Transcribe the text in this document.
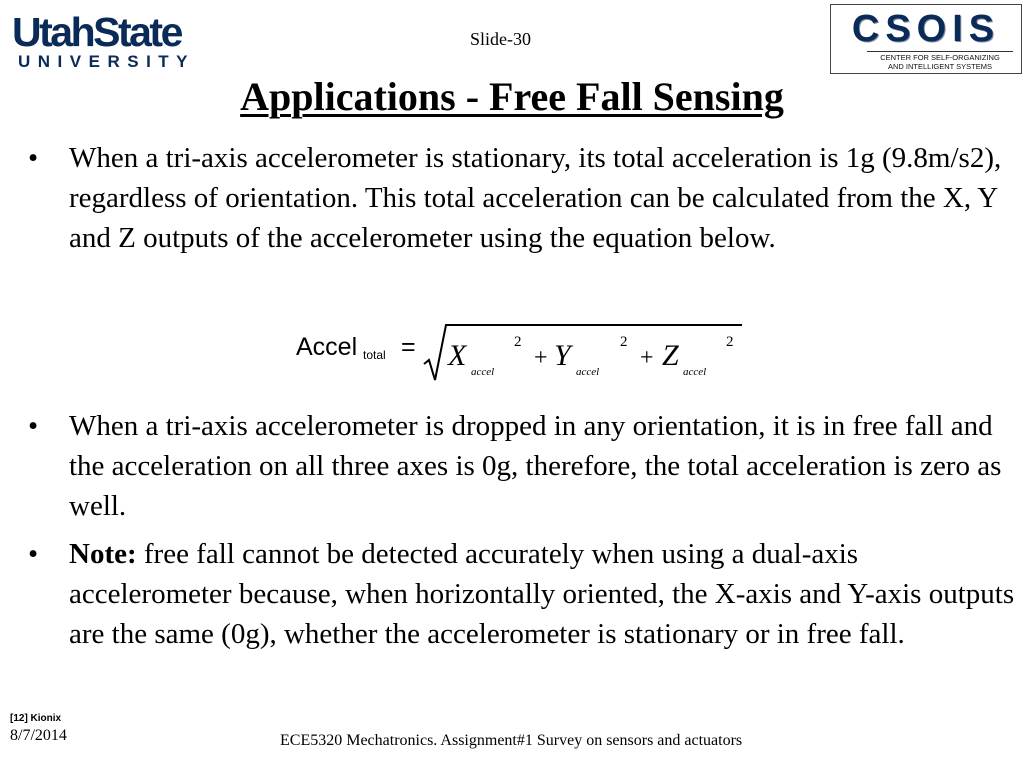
UtahState
UNIVERSITY
Slide-30	CSOIS
CENTER FOR SELF-ORGANIZING
AND INTELLIGENT SYSTEMS
Applications - Free Fall Sensing
• When a tri-axis accelerometer is stationary, its total acceleration is 1g (9.8m/s2), regardless of orientation. This total acceleration can be calculated from the X, Y and Z outputs of the accelerometer using the equation below.
Accel total = X accel Y accel Z accel
2
+
2
+
2
• When a tri-axis accelerometer is dropped in any orientation, it is in free fall and the acceleration on all three axes is 0g, therefore, the total acceleration is zero as well.
• Note: free fall cannot be detected accurately when using a dual-axis accelerometer because, when horizontally oriented, the X-axis and Y-axis outputs are the same (0g), whether the accelerometer is stationary or in free fall.
[12] Kionix
8/7/2014	ECE5320 Mechatronics. Assignment#1 Survey on sensors and actuators
